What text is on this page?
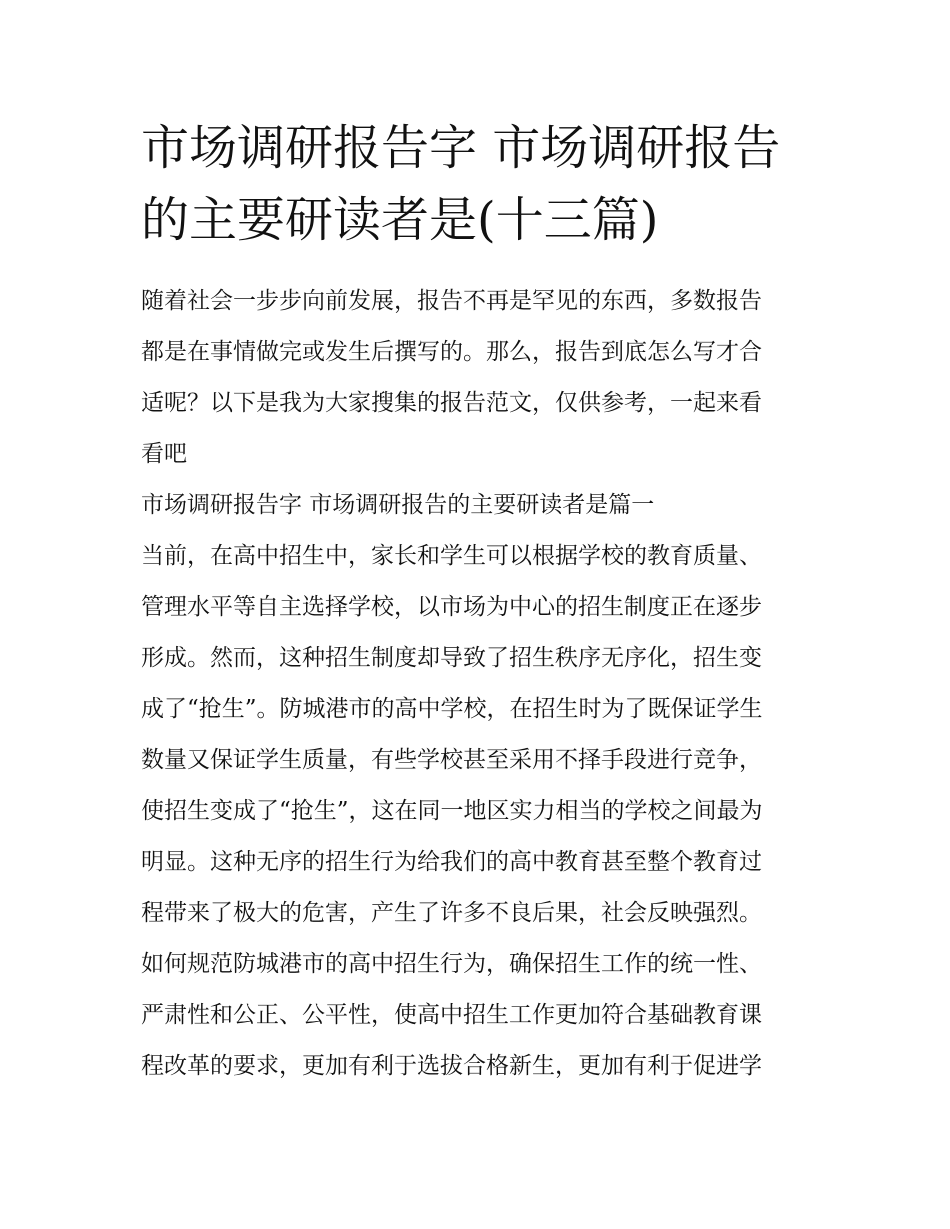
市场调研报告字 市场调研报告
的主要研读者是(十三篇)
随着社会一步步向前发展，报告不再是罕见的东西，多数报告
都是在事情做完或发生后撰写的。那么，报告到底怎么写才合
适呢？以下是我为大家搜集的报告范文，仅供参考，一起来看
看吧
市场调研报告字 市场调研报告的主要研读者是篇一
当前，在高中招生中，家长和学生可以根据学校的教育质量、
管理水平等自主选择学校，以市场为中心的招生制度正在逐步
形成。然而，这种招生制度却导致了招生秩序无序化，招生变
成了“抢生”。防城港市的高中学校，在招生时为了既保证学生
数量又保证学生质量，有些学校甚至采用不择手段进行竞争，
使招生变成了“抢生”，这在同一地区实力相当的学校之间最为
明显。这种无序的招生行为给我们的高中教育甚至整个教育过
程带来了极大的危害，产生了许多不良后果，社会反映强烈。
如何规范防城港市的高中招生行为，确保招生工作的统一性、
严肃性和公正、公平性，使高中招生工作更加符合基础教育课
程改革的要求，更加有利于选拔合格新生，更加有利于促进学
